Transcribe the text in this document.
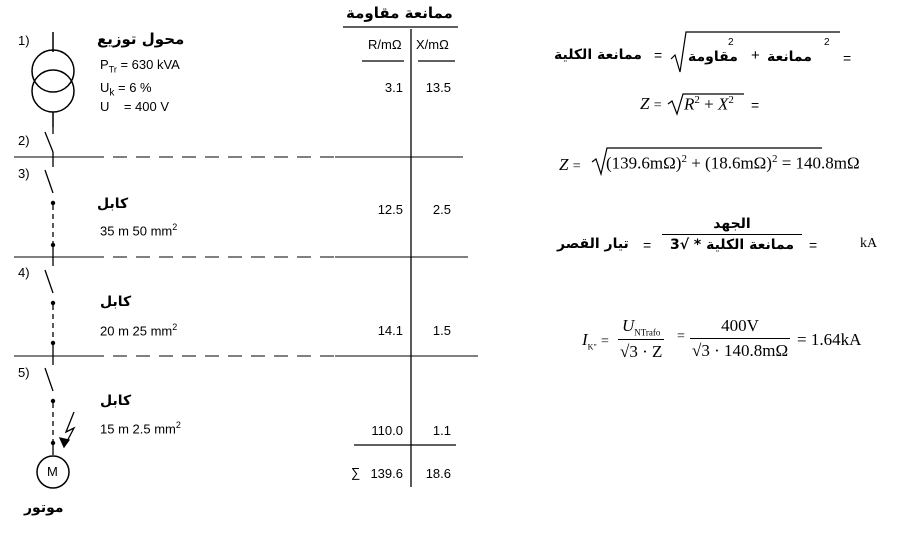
ممانعة مقاومة
R/mΩ X/mΩ
3.1	13.5
12.5	2.5
14.1	1.5
110.0	1.1
∑ 139.6	18.6
1)
2)
3)
4)
5)
محول توزيع
$P_{Tr} = 630$ kVA
$U_k = 6$ %
U = 400 V
كابل
35 m 50 $mm^2$
كابل
20 m 25 $mm^2$
كابل
15 m 2.5 $mm^2$
M
موتور
ممانعة الكلية = مقاومة
2
+ ممانعة
2
=
$Z = R^2 + X^2$ =
$Z = (139.6m\Omega)^2 + (18.6m\Omega)^2 = 140.8m\Omega$
تيار القصر = $\frac{\text{الجهد}}{\text{ممانعة الكلية * √3}}$ =	kA
$I_{K"} = \frac{U_{NTrafo}}{√3 \cdot Z} = \frac{400V}{√3 \cdot 140.8m\Omega} = 1.64kA$
